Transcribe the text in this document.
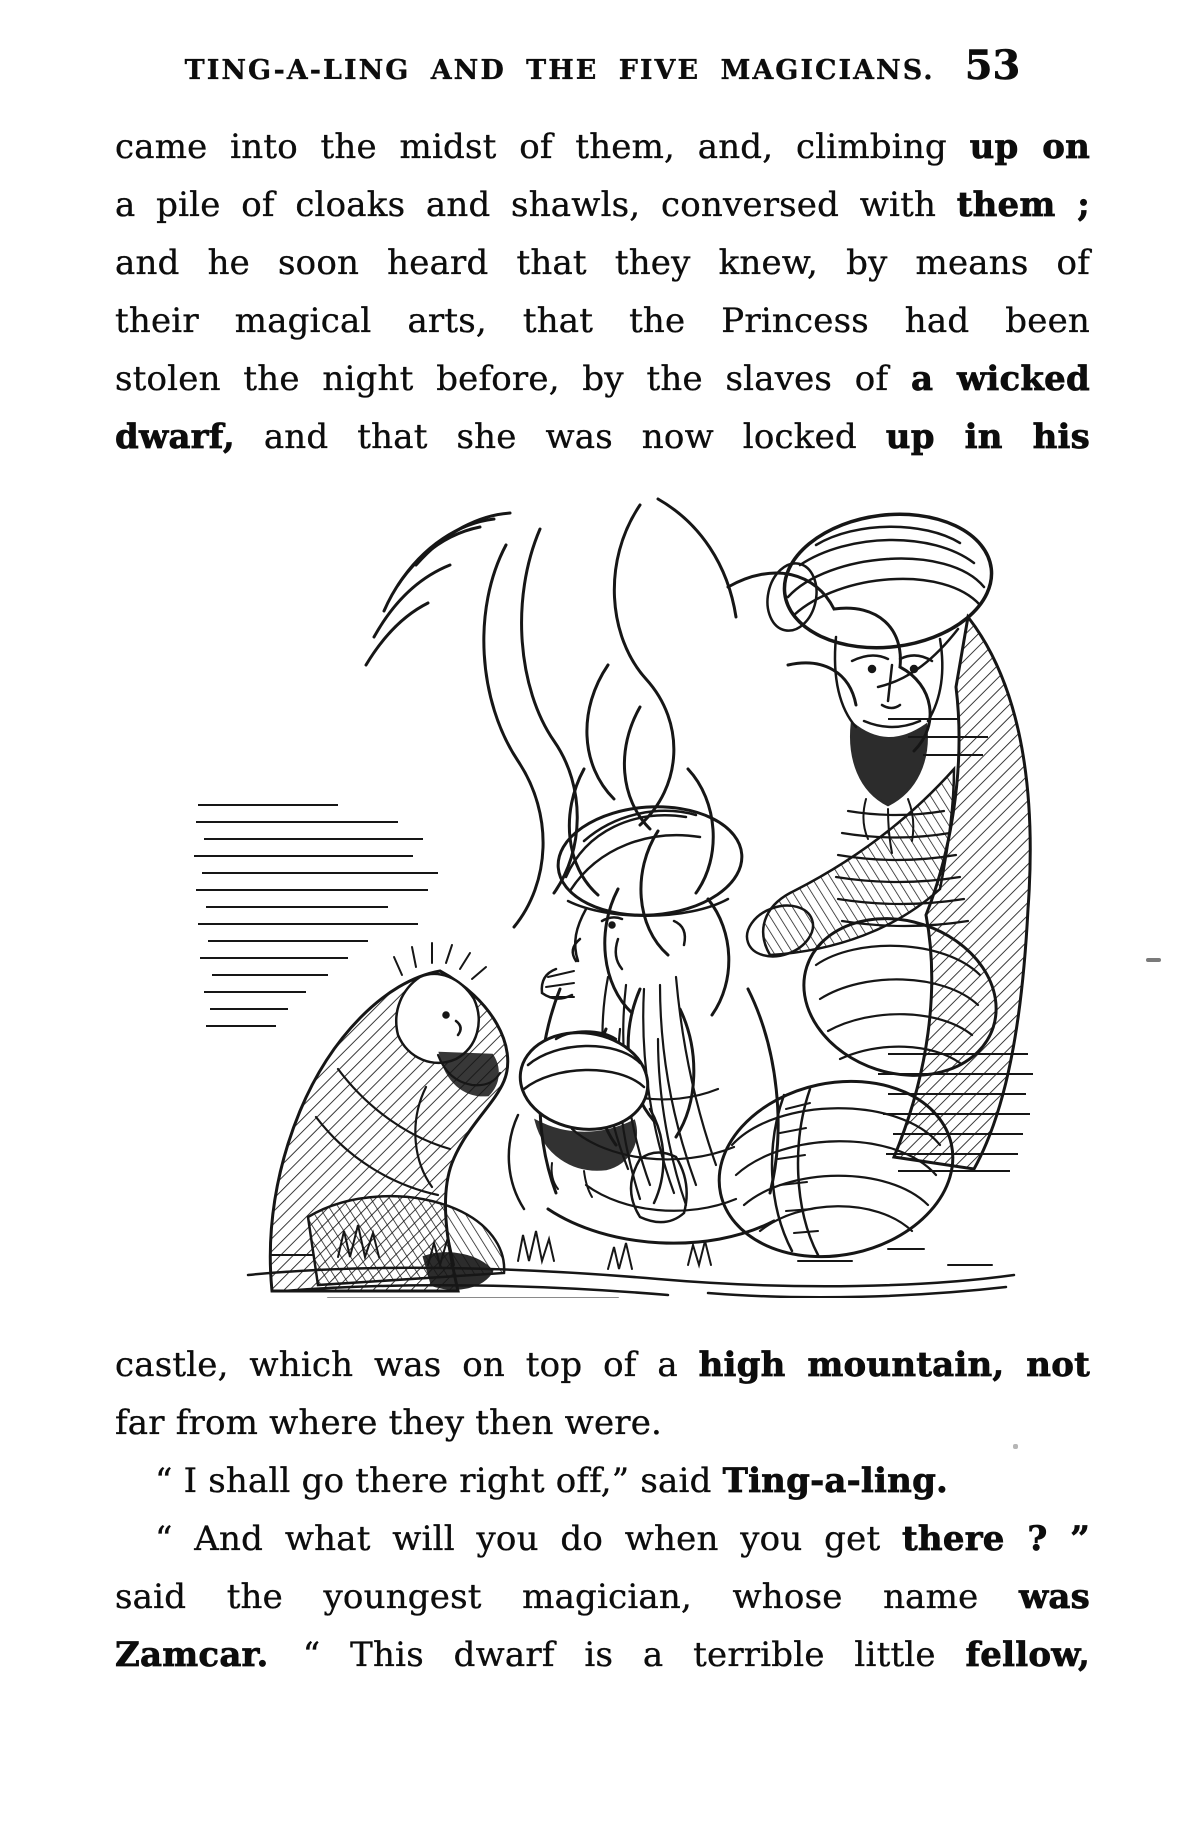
TING-A-LING AND THE FIVE MAGICIANS. 53
came into the midst of them, and, climbing up on
a pile of cloaks and shawls, conversed with them ;
and he soon heard that they knew, by means of
their magical arts, that the Princess had been
stolen the night before, by the slaves of a wicked
dwarf, and that she was now locked up in his
castle, which was on top of a high mountain, not
far from where they then were.
“ I shall go there right off,” said Ting-a-ling.
“ And what will you do when you get there ? ”
said the youngest magician, whose name was
Zamcar. “ This dwarf is a terrible little fellow,
